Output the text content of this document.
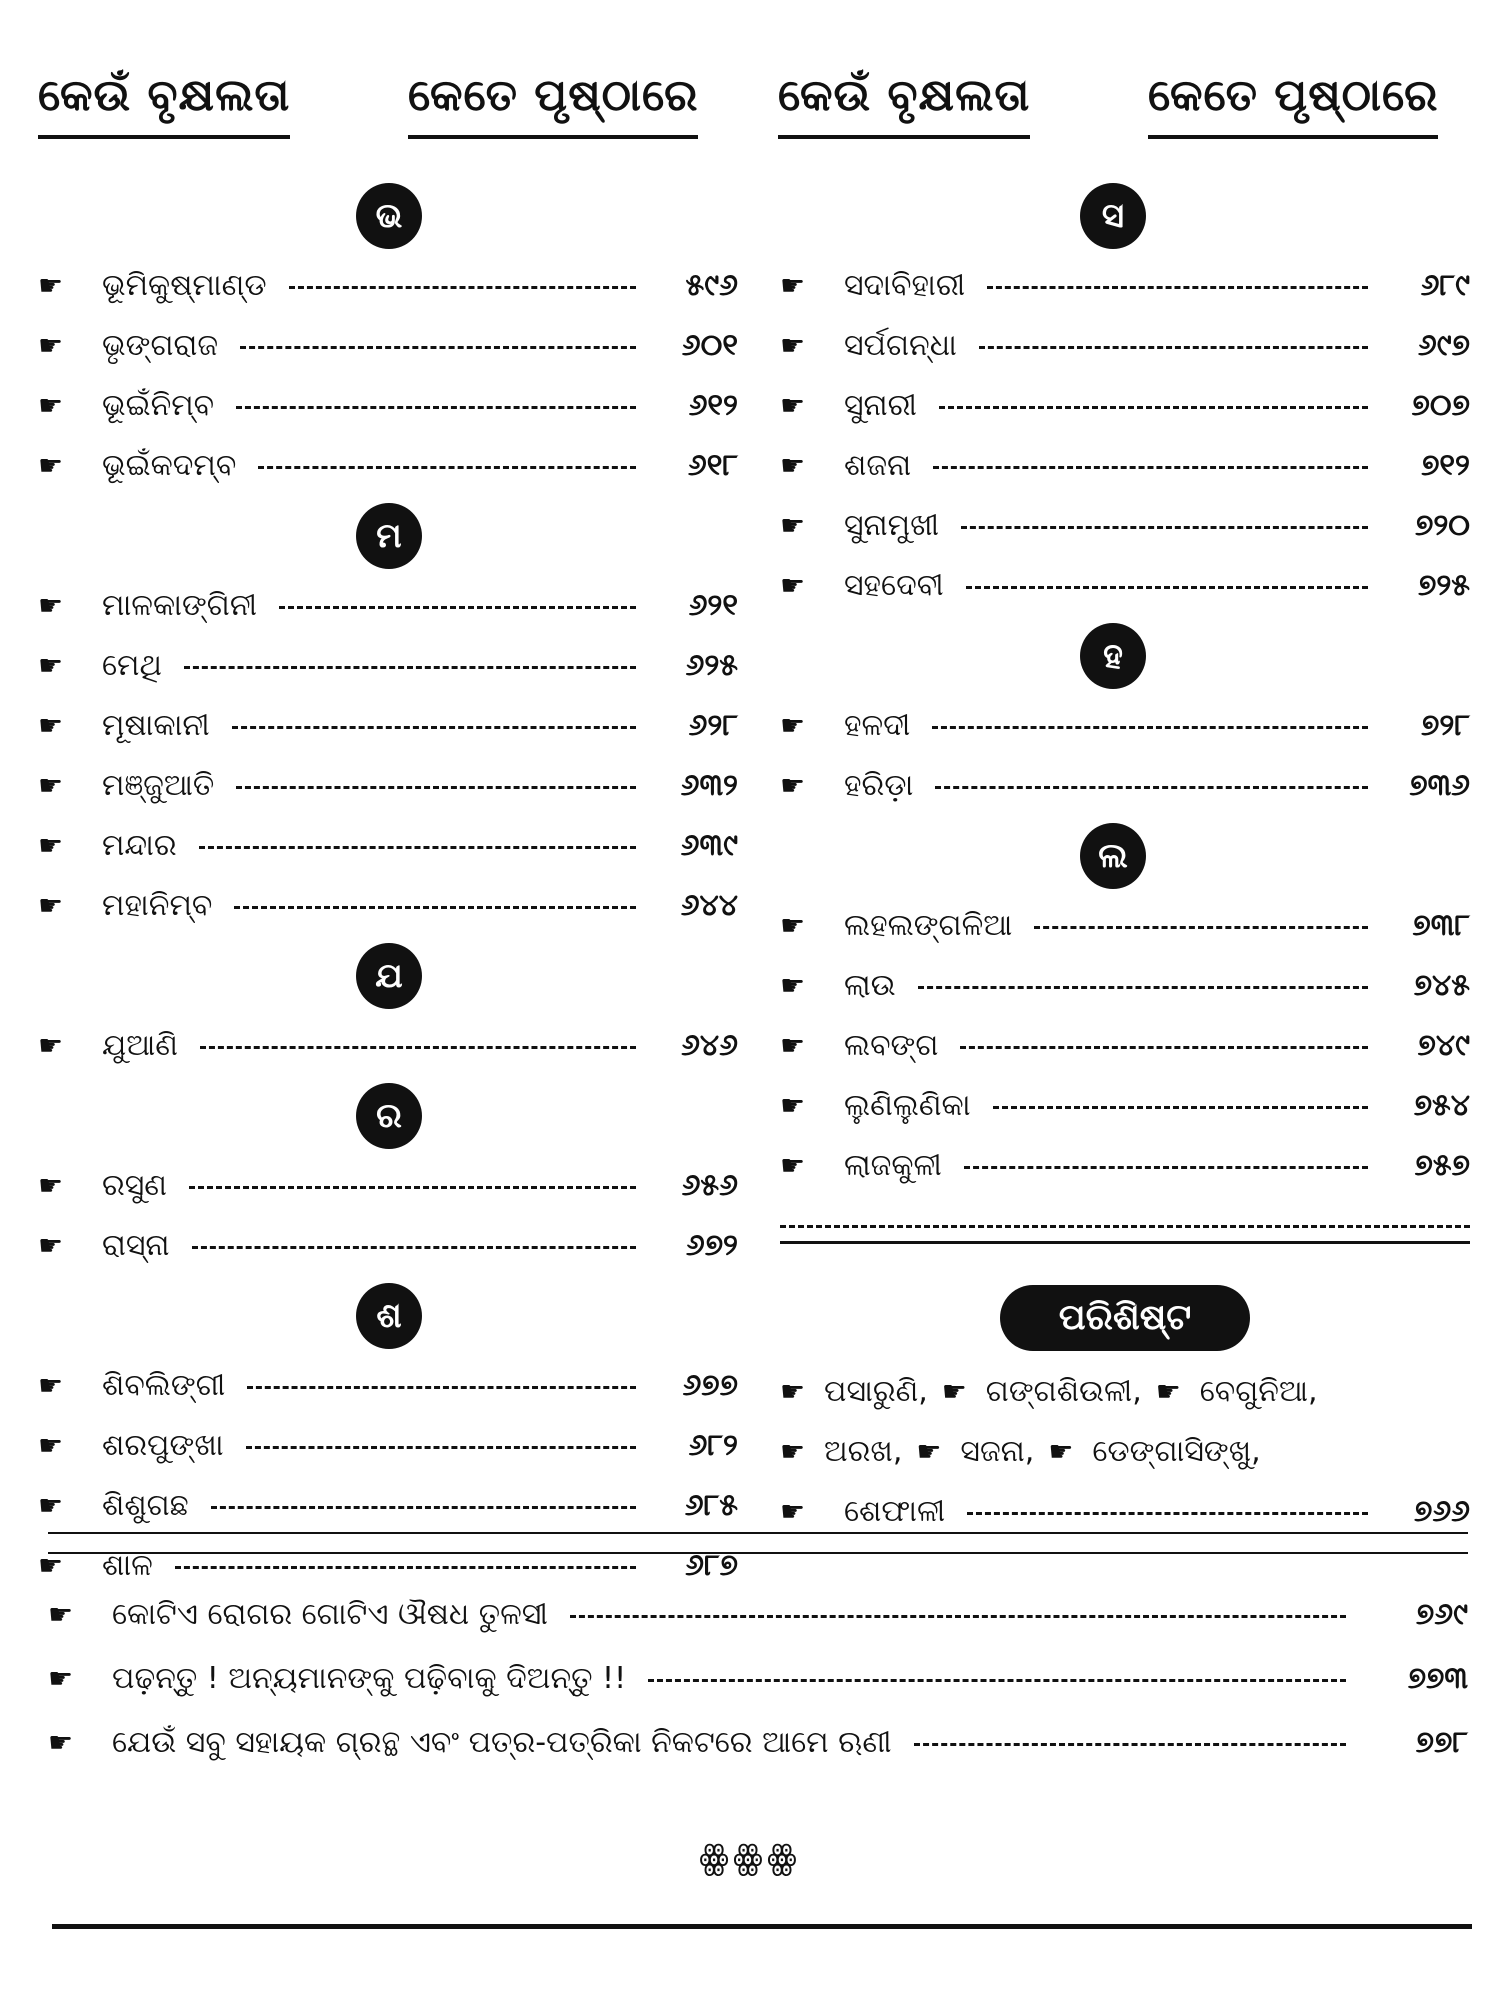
କେଉଁ ବୃକ୍ଷଲତା	କେତେ ପୃଷ୍ଠାରେ କେଉଁ ବୃକ୍ଷଲତା	କେତେ ପୃଷ୍ଠାରେ
ଭ
☛	ଭୂମିକୁଷ୍ମାଣ୍ଡ	୫୯୬
☛	ଭୃଙ୍ଗରାଜ	୬୦୧
☛	ଭୂଇଁନିମ୍ବ	୬୧୨
☛	ଭୂଇଁକଦମ୍ବ	୬୧୮
ମ
☛	ମାଳକାଙ୍ଗିନୀ	୬୨୧
☛	ମେଥି	୬୨୫
☛	ମୂଷାକାନୀ	୬୨୮
☛	ମଞ୍ଜୁଆତି	୬୩୨
☛	ମନ୍ଦାର	୬୩୯
☛	ମହାନିମ୍ବ	୬୪୪
ଯ
☛	ଯୁଆଣି	୬୪୬
ର
☛	ରସୁଣ	୬୫୬
☛	ରାସ୍ନା	୬୭୨
ଶ
☛	ଶିବଲିଙ୍ଗୀ	୬୭୭
☛	ଶରପୁଙ୍ଖା	୬୮୨
☛	ଶିଶୁଗଛ	୬୮୫
☛	ଶାଳ	୬୮୭
ସ
☛	ସଦାବିହାରୀ	୬୮୯
☛	ସର୍ପଗନ୍ଧା	୬୯୭
☛	ସୁନାରୀ	୭୦୭
☛	ଶଜନା	୭୧୨
☛	ସୁନାମୁଖୀ	୭୨୦
☛	ସହଦେବୀ	୭୨୫
ହ
☛	ହଳଦୀ	୭୨୮
☛	ହରିଡ଼ା	୭୩୬
ଲ
☛	ଲହଲଙ୍ଗଳିଆ	୭୩୮
☛	ଲାଉ	୭୪୫
☛	ଲବଙ୍ଗ	୭୪୯
☛	ଲୁଣିଲୁଣିକା	୭୫୪
☛	ଲାଜକୁଳୀ	୭୫୭
ପରିଶିଷ୍ଟ
☛ ପସାରୁଣି, ☛ ଗଙ୍ଗଶିଉଳୀ, ☛ ବେଗୁନିଆ,
☛ ଅରଖ, ☛ ସଜନା, ☛ ଡେଙ୍ଗାସିଙ୍ଖୁ,
☛	ଶେଫାଳୀ	୭୬୬
☛	କୋଟିଏ ରୋଗର ଗୋଟିଏ ଔଷଧ ତୁଳସୀ	୭୬୯
☛	ପଢ଼ନ୍ତୁ ! ଅନ୍ୟମାନଙ୍କୁ ପଢ଼ିବାକୁ ଦିଅନ୍ତୁ !!	୭୭୩
☛	ଯେଉଁ ସବୁ ସହାୟକ ଗ୍ରନ୍ଥ ଏବଂ ପତ୍ର-ପତ୍ରିକା ନିକଟରେ ଆମେ ଋଣୀ	୭୭୮
ꙮꙮꙮ
